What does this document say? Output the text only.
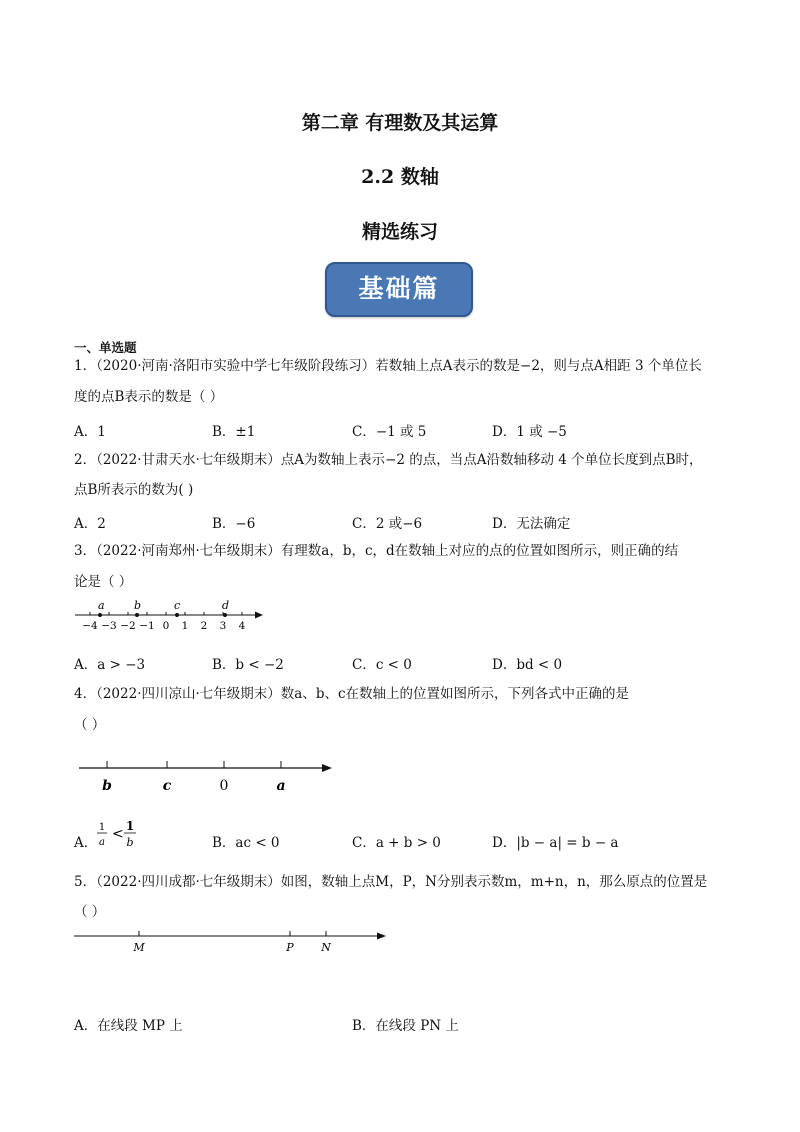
第二章 有理数及其运算
2.2 数轴
精选练习
基础篇
一、单选题
1．（2020·河南·洛阳市实验中学七年级阶段练习）若数轴上点A表示的数是−2，则与点A相距 3 个单位长
度的点B表示的数是（ ）
A．1	B．±1	C．−1 或 5	D．1 或 −5
2．（2022·甘肃天水·七年级期末）点A为数轴上表示−2 的点，当点A沿数轴移动 4 个单位长度到点B时，
点B所表示的数为( )
A．2	B．−6	C．2 或−6	D．无法确定
3．（2022·河南郑州·七年级期末）有理数a，b，c，d在数轴上对应的点的位置如图所示，则正确的结
论是（ ）
a	b	c	d
−4 −3 −2 −1 0 1 2 3 4
A．a > −3	B．b < −2	C．c < 0	D．bd < 0
4．（2022·四川凉山·七年级期末）数a、b、c在数轴上的位置如图所示，下列各式中正确的是
（ ）
b	c	0	a
A．
1
a
< 1
b	B．ac < 0	C．a + b > 0	D．|b − a| = b − a
5．（2022·四川成都·七年级期末）如图，数轴上点M，P，N分别表示数m，m+n，n，那么原点的位置是
（ ）
M	P N
A．在线段 MP 上	B．在线段 PN 上
